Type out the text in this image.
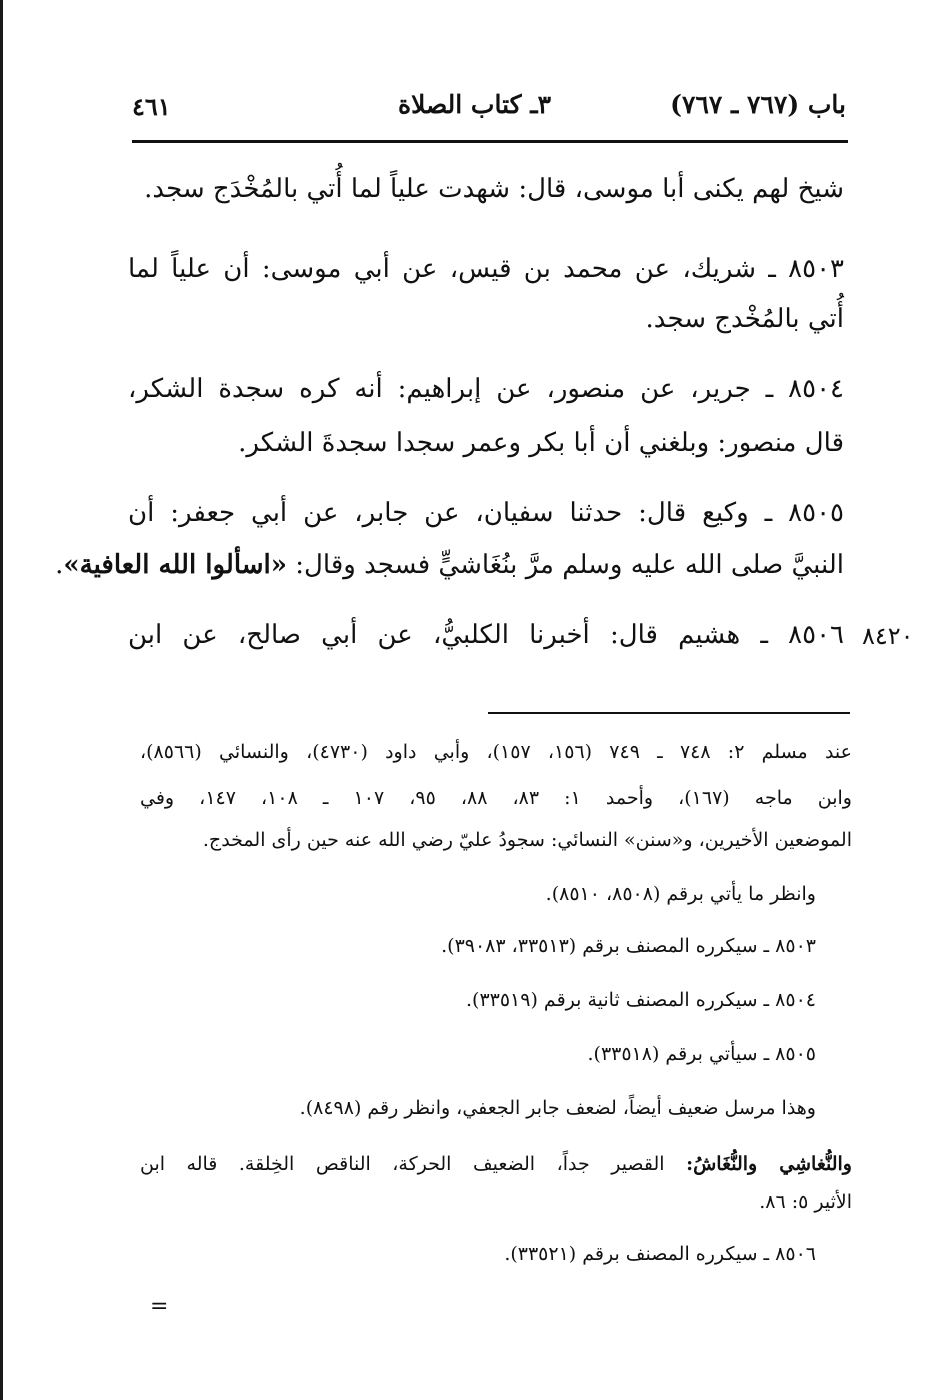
باب (٧٦٧ ـ ٧٦٧)
٣ـ كتاب الصلاة
٤٦١
شيخ لهم يكنى أبا موسى، قال: شهدت علياً لما أُتي بالمُخْدَج سجد.
٨٥٠٣ ـ شريك، عن محمد بن قيس، عن أبي موسى: أن علياً لما
أُتي بالمُخْدج سجد.
٨٥٠٤ ـ جرير، عن منصور، عن إبراهيم: أنه كره سجدة الشكر،
قال منصور: وبلغني أن أبا بكر وعمر سجدا سجدةَ الشكر.
٨٥٠٥ ـ وكيع قال: حدثنا سفيان، عن جابر، عن أبي جعفر: أن
النبيَّ صلى الله عليه وسلم مرَّ بنُغَاشيٍّ فسجد وقال: «اسألوا الله العافية».
٨٥٠٦ ـ هشيم قال: أخبرنا الكلبيُّ، عن أبي صالح، عن ابن ٨٤٢٠
عند مسلم ٢: ٧٤٨ ـ ٧٤٩ (١٥٦، ١٥٧)، وأبي داود (٤٧٣٠)، والنسائي (٨٥٦٦)،
وابن ماجه (١٦٧)، وأحمد ١: ٨٣، ٨٨، ٩٥، ١٠٧ ـ ١٠٨، ١٤٧، وفي
الموضعين الأخيرين، و«سنن» النسائي: سجودُ عليّ رضي الله عنه حين رأى المخدج.
وانظر ما يأتي برقم (٨٥٠٨، ٨٥١٠).
٨٥٠٣ ـ سيكرره المصنف برقم (٣٣٥١٣، ٣٩٠٨٣).
٨٥٠٤ ـ سيكرره المصنف ثانية برقم (٣٣٥١٩).
٨٥٠٥ ـ سيأتي برقم (٣٣٥١٨).
وهذا مرسل ضعيف أيضاً، لضعف جابر الجعفي، وانظر رقم (٨٤٩٨).
والنُّغاشِي والنُّغَاشُ: القصير جداً، الضعيف الحركة، الناقص الخِلقة. قاله ابن
الأثير ٥: ٨٦.
٨٥٠٦ ـ سيكرره المصنف برقم (٣٣٥٢١).
=
